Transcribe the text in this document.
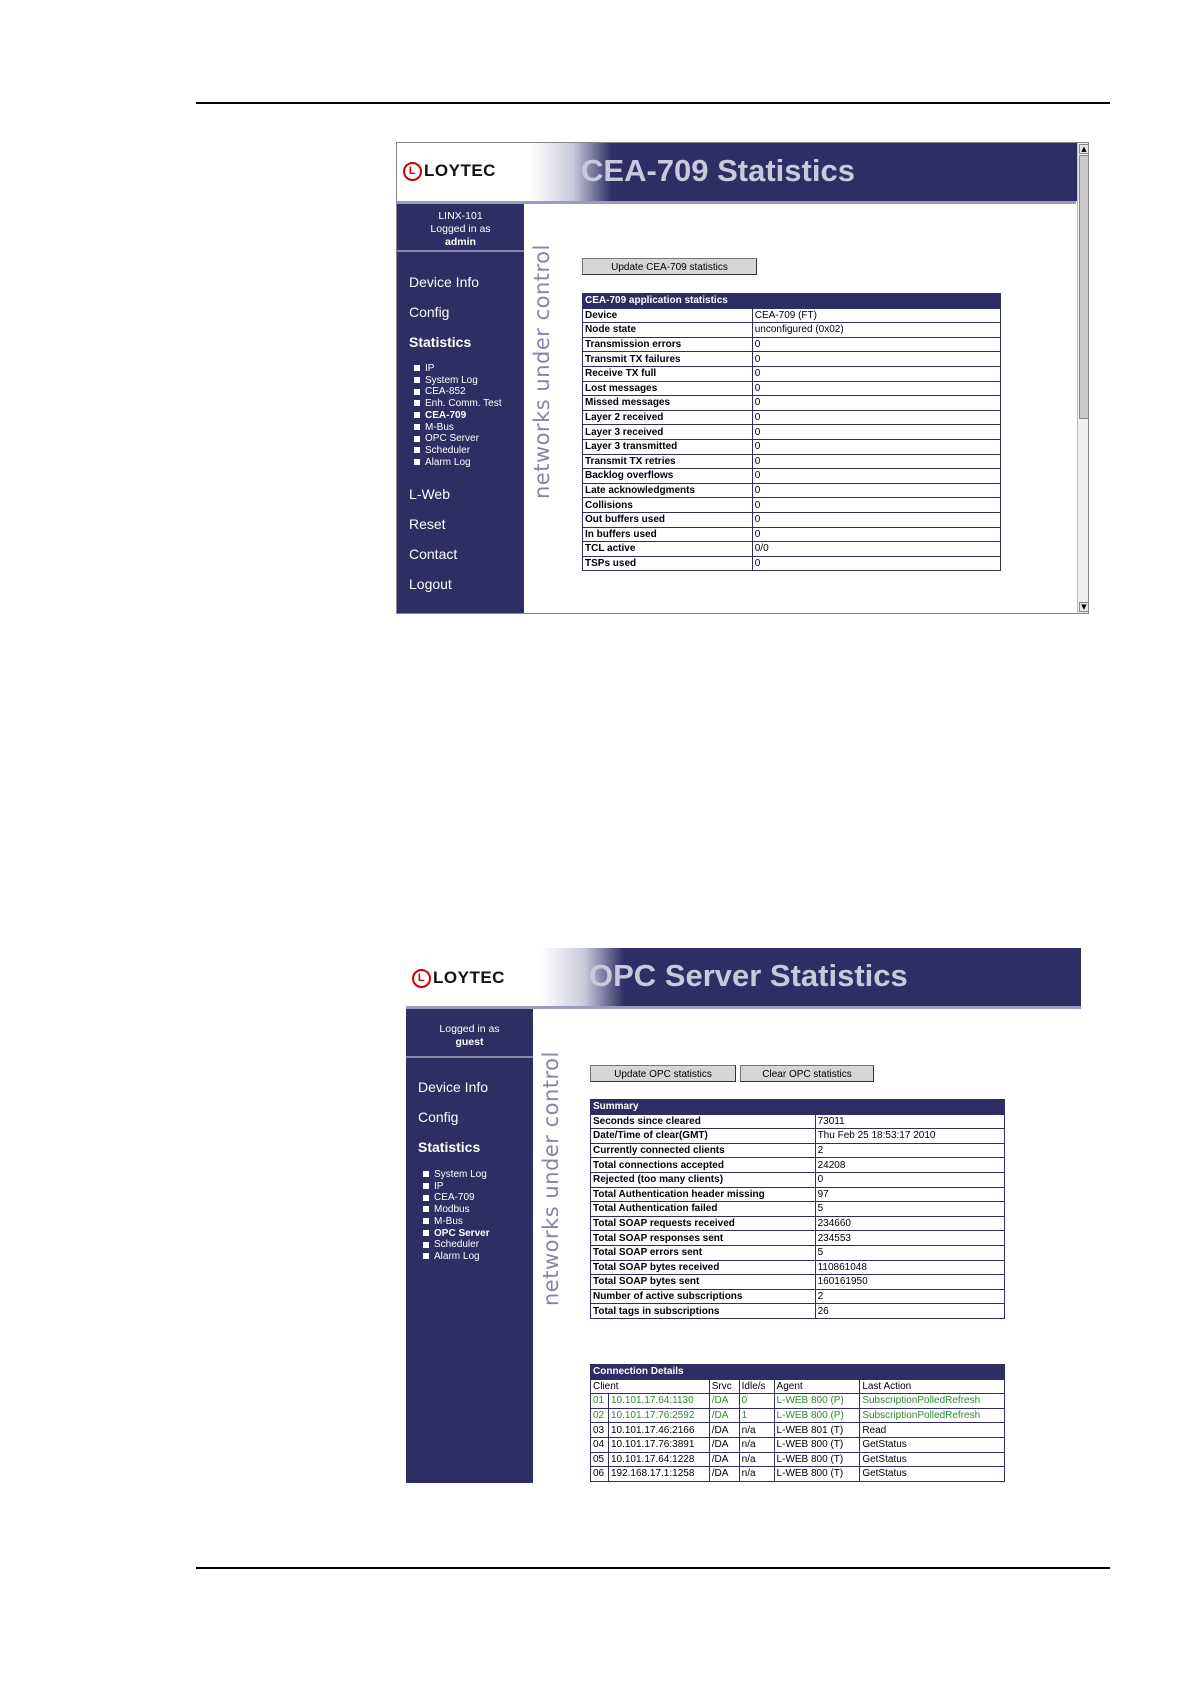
L LOYTEC	CEA-709 Statistics
LINX-101
Logged in as
admin
Device Info
Config
Statistics
IP
System Log
CEA-852
Enh. Comm. Test
CEA-709
M-Bus
OPC Server
Scheduler
Alarm Log
L-Web
Reset
Contact
Logout
networks under control	Update CEA-709 statistics
CEA-709 application statistics	
Device	CEA-709 (FT)
Node state	unconfigured (0x02)
Transmission errors	0
Transmit TX failures	0
Receive TX full	0
Lost messages	0
Missed messages	0
Layer 2 received	0
Layer 3 received	0
Layer 3 transmitted	0
Transmit TX retries	0
Backlog overflows	0
Late acknowledgments	0
Collisions	0
Out buffers used	0
In buffers used	0
TCL active	0/0
TSPs used	0
▲
▼
L LOYTEC	OPC Server Statistics
Logged in as
guest
Device Info
Config
Statistics
System Log
IP
CEA-709
Modbus
M-Bus
OPC Server
Scheduler
Alarm Log	networks under control	Update OPC statistics	Clear OPC statistics
Summary	
Seconds since cleared	73011
Date/Time of clear(GMT)	Thu Feb 25 18:53:17 2010
Currently connected clients	2
Total connections accepted	24208
Rejected (too many clients)	0
Total Authentication header missing	97
Total Authentication failed	5
Total SOAP requests received	234660
Total SOAP responses sent	234553
Total SOAP errors sent	5
Total SOAP bytes received	110861048
Total SOAP bytes sent	160161950
Number of active subscriptions	2
Total tags in subscriptions	26
Connection Details					
Client		Srvc	Idle/s	Agent	Last Action
01	10.101.17.64:1130	/DA	0	L-WEB 800 (P)	SubscriptionPolledRefresh
02	10.101.17.76:2592	/DA	1	L-WEB 800 (P)	SubscriptionPolledRefresh
03	10.101.17.46:2166	/DA	n/a	L-WEB 801 (T)	Read
04	10.101.17.76:3891	/DA	n/a	L-WEB 800 (T)	GetStatus
05	10.101.17.64:1228	/DA	n/a	L-WEB 800 (T)	GetStatus
06	192.168.17.1:1258	/DA	n/a	L-WEB 800 (T)	GetStatus
